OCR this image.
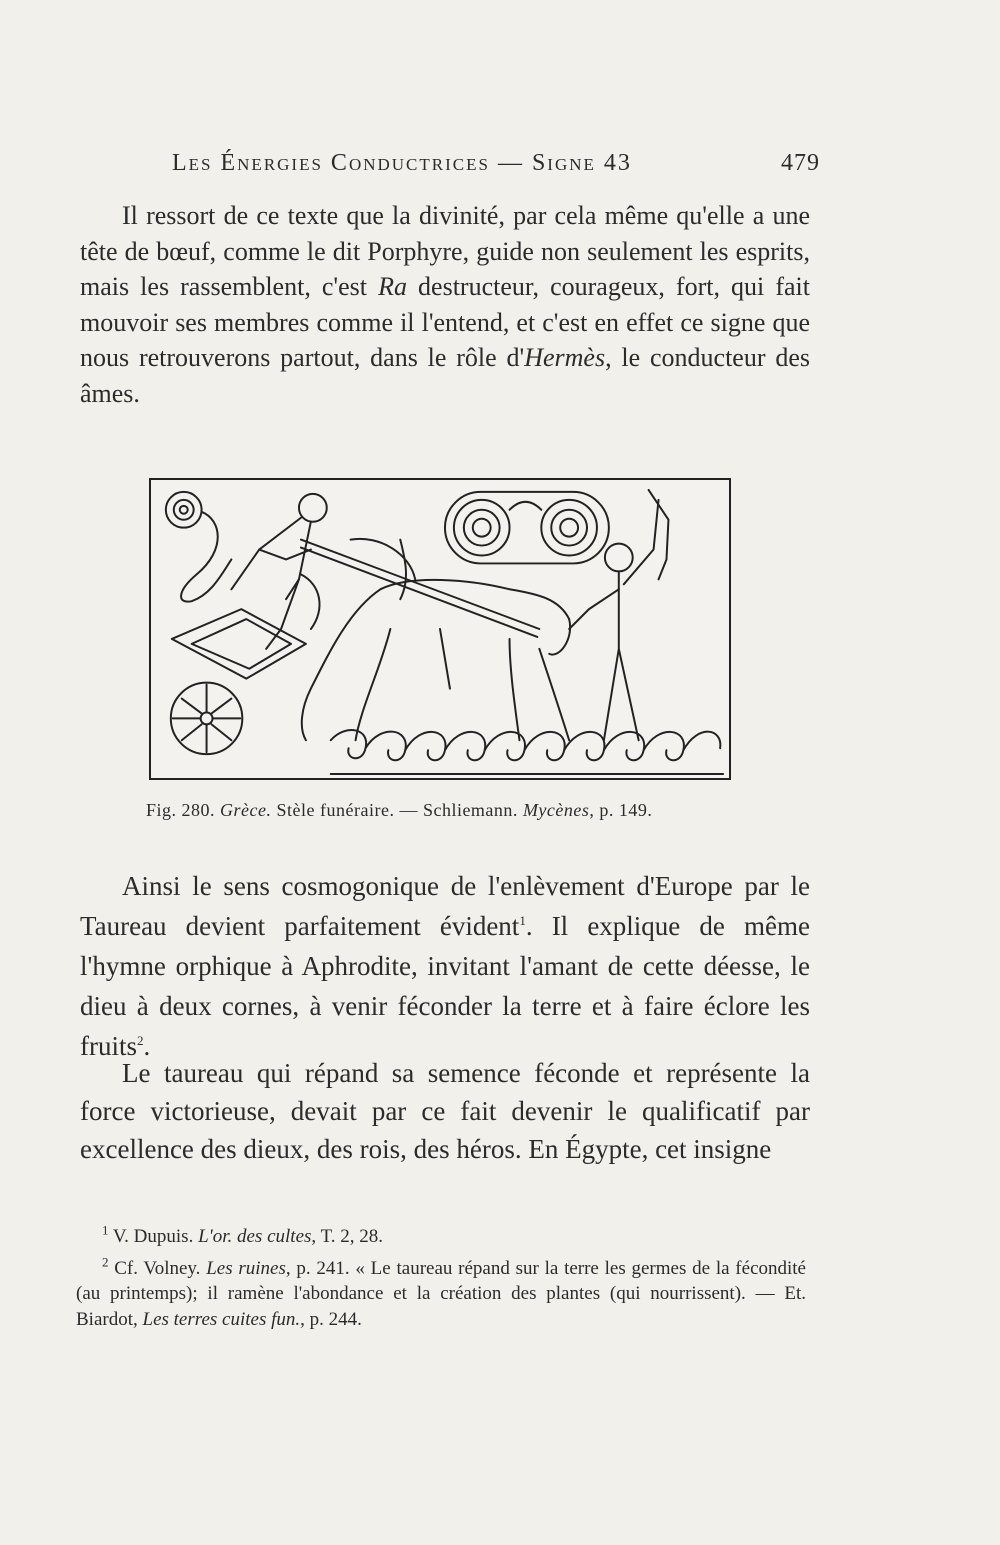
Les Énergies Conductrices — Signe 43	479

Il ressort de ce texte que la divinité, par cela même qu'elle a une tête de bœuf, comme le dit Porphyre, guide non seulement les esprits, mais les rassemblent, c'est Ra destructeur, courageux, fort, qui fait mouvoir ses membres comme il l'entend, et c'est en effet ce signe que nous retrouverons partout, dans le rôle d'Hermès, le conducteur des âmes.

Fig. 280. Grèce. Stèle funéraire. — Schliemann. Mycènes, p. 149.

Ainsi le sens cosmogonique de l'enlèvement d'Europe par le Taureau devient parfaitement évident$^1$. Il explique de même l'hymne orphique à Aphrodite, invitant l'amant de cette déesse, le dieu à deux cornes, à venir féconder la terre et à faire éclore les fruits$^2$.

Le taureau qui répand sa semence féconde et représente la force victorieuse, devait par ce fait devenir le qualificatif par excellence des dieux, des rois, des héros. En Égypte, cet insigne

$^1$ V. Dupuis. L'or. des cultes, T. 2, 28.

$^2$ Cf. Volney. Les ruines, p. 241. « Le taureau répand sur la terre les germes de la fécondité (au printemps); il ramène l'abondance et la création des plantes (qui nourrissent). — Et. Biardot, Les terres cuites fun., p. 244.
